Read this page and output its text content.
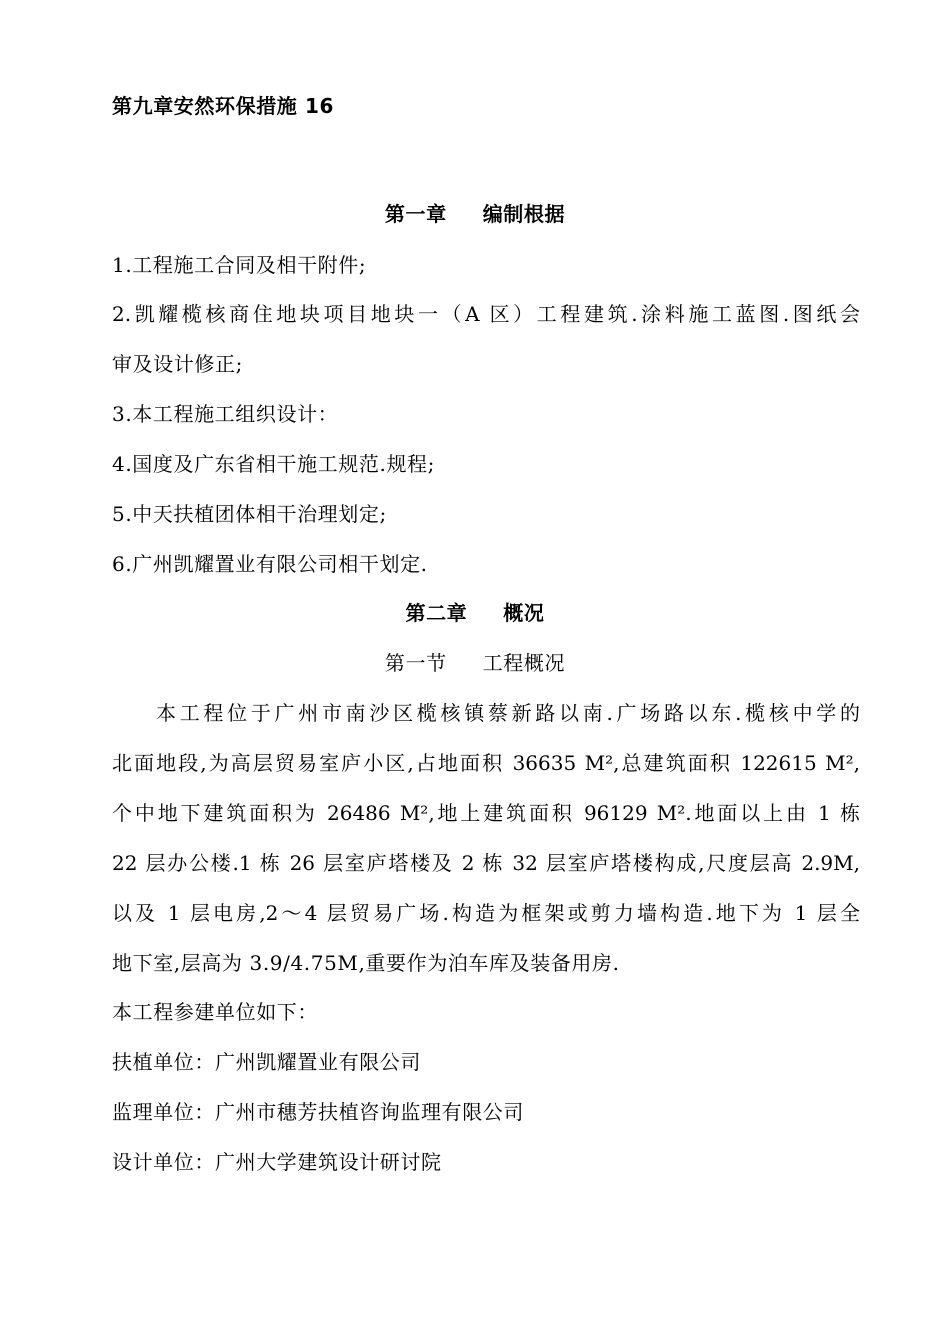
第九章安然环保措施 16
第一章 编制根据
1.工程施工合同及相干附件;
2.凯耀榄核商住地块项目地块一（A 区）工程建筑.涂料施工蓝图.图纸会
审及设计修正;
3.本工程施工组织设计：
4.国度及广东省相干施工规范.规程;
5.中天扶植团体相干治理划定;
6.广州凯耀置业有限公司相干划定.
第二章 概况
第一节 工程概况
本工程位于广州市南沙区榄核镇蔡新路以南.广场路以东.榄核中学的
北面地段,为高层贸易室庐小区,占地面积 36635 M²,总建筑面积 122615 M²,
个中地下建筑面积为 26486 M²,地上建筑面积 96129 M².地面以上由 1 栋
22 层办公楼.1 栋 26 层室庐塔楼及 2 栋 32 层室庐塔楼构成,尺度层高 2.9M,
以及 1 层电房,2～4 层贸易广场.构造为框架或剪力墙构造.地下为 1 层全
地下室,层高为 3.9/4.75M,重要作为泊车库及装备用房.
本工程参建单位如下：
扶植单位：广州凯耀置业有限公司
监理单位：广州市穗芳扶植咨询监理有限公司
设计单位：广州大学建筑设计研讨院
